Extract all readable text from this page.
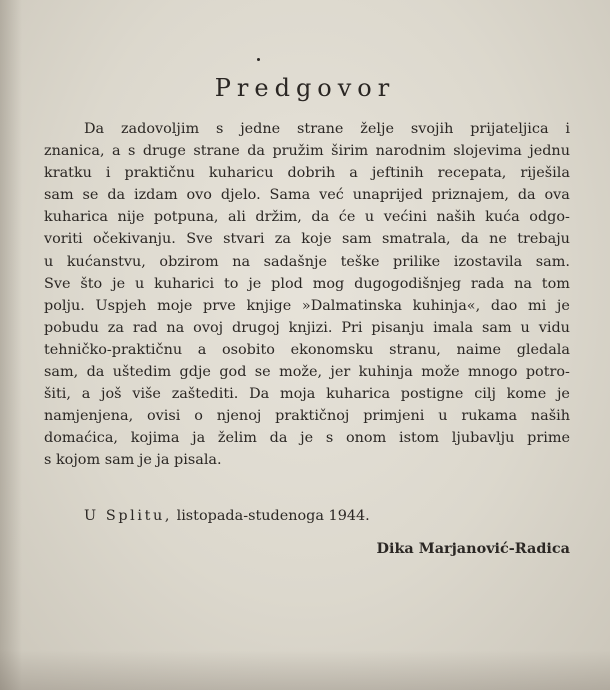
Predgovor
Da zadovoljim s jedne strane želje svojih prijateljica i
znanica, a s druge strane da pružim širim narodnim slojevima jednu
kratku i praktičnu kuharicu dobrih a jeftinih recepata, riješila
sam se da izdam ovo djelo. Sama već unaprijed priznajem, da ova
kuharica nije potpuna, ali držim, da će u većini naših kuća odgo-
voriti očekivanju. Sve stvari za koje sam smatrala, da ne trebaju
u kućanstvu, obzirom na sadašnje teške prilike izostavila sam.
Sve što je u kuharici to je plod mog dugogodišnjeg rada na tom
polju. Uspjeh moje prve knjige »Dalmatinska kuhinja«, dao mi je
pobudu za rad na ovoj drugoj knjizi. Pri pisanju imala sam u vidu
tehničko-praktičnu a osobito ekonomsku stranu, naime gledala
sam, da uštedim gdje god se može, jer kuhinja može mnogo potro-
šiti, a još više zaštediti. Da moja kuharica postigne cilj kome je
namjenjena, ovisi o njenoj praktičnoj primjeni u rukama naših
domaćica, kojima ja želim da je s onom istom ljubavlju prime
s kojom sam je ja pisala.
U Splitu, listopada-studenoga 1944.
Dika Marjanović-Radica
